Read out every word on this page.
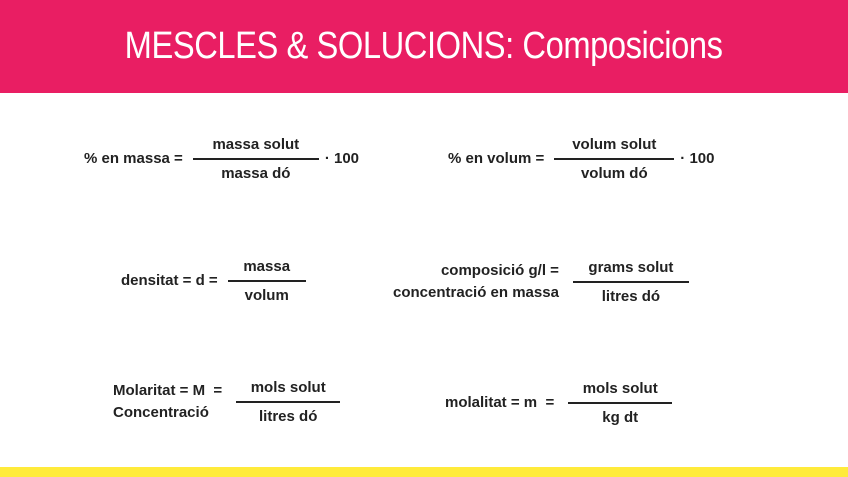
MESCLES & SOLUCIONS: Composicions
% en massa = $\frac{\text{massa solut}}{\text{massa dó}} \cdot 100$	% en volum = $\frac{\text{volum solut}}{\text{volum dó}} \cdot 100$
densitat = $d = \frac{\text{massa}}{\text{volum}}$	composició g/l =
concentració en massa $\frac{\text{grams solut}}{\text{litres dó}}$
Molaritat = M  =
Concentració	$\frac{\text{mols solut}}{\text{litres dó}}$	molalitat = $m = \frac{\text{mols solut}}{\text{kg dt}}$
